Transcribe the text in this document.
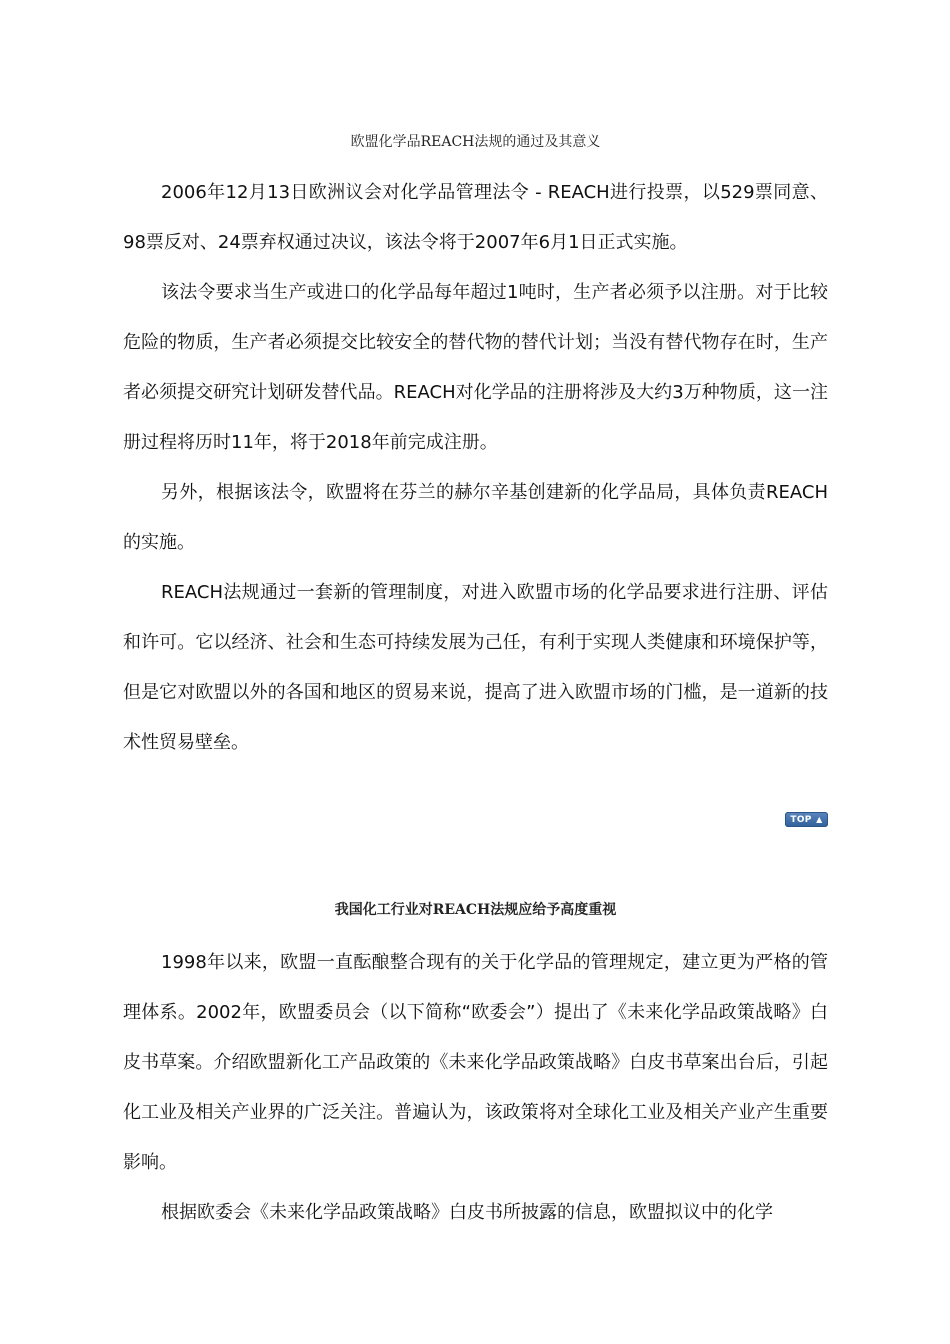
欧盟化学品REACH法规的通过及其意义

2006年12月13日欧洲议会对化学品管理法令 - REACH进行投票，以529票同意、98票反对、24票弃权通过决议，该法令将于2007年6月1日正式实施。

该法令要求当生产或进口的化学品每年超过1吨时，生产者必须予以注册。对于比较危险的物质，生产者必须提交比较安全的替代物的替代计划；当没有替代物存在时，生产者必须提交研究计划研发替代品。REACH对化学品的注册将涉及大约3万种物质，这一注册过程将历时11年，将于2018年前完成注册。

另外，根据该法令，欧盟将在芬兰的赫尔辛基创建新的化学品局，具体负责REACH的实施。

REACH法规通过一套新的管理制度，对进入欧盟市场的化学品要求进行注册、评估和许可。它以经济、社会和生态可持续发展为己任，有利于实现人类健康和环境保护等，但是它对欧盟以外的各国和地区的贸易来说，提高了进入欧盟市场的门槛，是一道新的技术性贸易壁垒。

TOP ▲
我国化工行业对REACH法规应给予高度重视

1998年以来，欧盟一直酝酿整合现有的关于化学品的管理规定，建立更为严格的管理体系。2002年，欧盟委员会（以下简称“欧委会”）提出了《未来化学品政策战略》白皮书草案。介绍欧盟新化工产品政策的《未来化学品政策战略》白皮书草案出台后，引起化工业及相关产业界的广泛关注。普遍认为，该政策将对全球化工业及相关产业产生重要影响。

根据欧委会《未来化学品政策战略》白皮书所披露的信息，欧盟拟议中的化学
